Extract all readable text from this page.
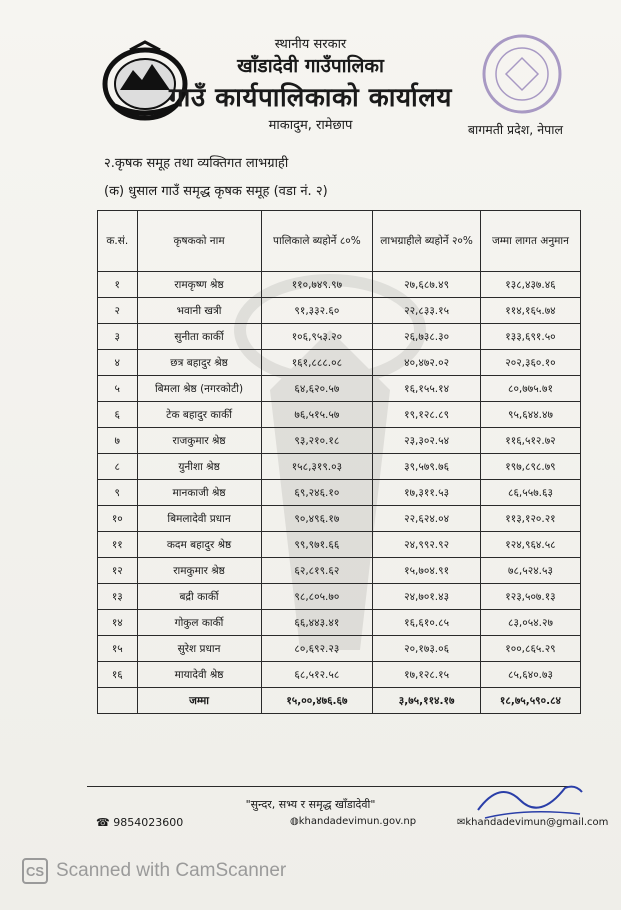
स्थानीय सरकार
खाँडादेवी गाउँपालिका
गाउँ कार्यपालिकाको कार्यालय
माकादुम, रामेछाप	बागमती प्रदेश, नेपाल
२.कृषक समूह तथा व्यक्तिगत लाभग्राही
(क) धुसाल गाउँ समृद्ध कृषक समूह (वडा नं. २)
क.सं.	कृषकको नाम	पालिकाले ब्यहोर्ने ८०%	लाभग्राहीले ब्यहोर्ने २०%	जम्मा लागत अनुमान
१	रामकृष्ण श्रेष्ठ	११०,७४९.९७	२७,६८७.४९	१३८,४३७.४६
२	भवानी खत्री	९१,३३२.६०	२२,८३३.१५	११४,१६५.७४
३	सुनीता कार्की	१०६,९५३.२०	२६,७३८.३०	१३३,६९१.५०
४	छत्र बहादुर श्रेष्ठ	१६१,८८८.०८	४०,४७२.०२	२०२,३६०.१०
५	बिमला श्रेष्ठ (नगरकोटी)	६४,६२०.५७	१६,१५५.१४	८०,७७५.७१
६	टेक बहादुर कार्की	७६,५१५.५७	१९,१२८.८९	९५,६४४.४७
७	राजकुमार श्रेष्ठ	९३,२१०.१८	२३,३०२.५४	११६,५१२.७२
८	युनीशा श्रेष्ठ	१५८,३१९.०३	३९,५७९.७६	१९७,८९८.७९
९	मानकाजी श्रेष्ठ	६९,२४६.१०	१७,३११.५३	८६,५५७.६३
१०	बिमलादेवी प्रधान	९०,४९६.१७	२२,६२४.०४	११३,१२०.२१
११	कदम बहादुर श्रेष्ठ	९९,९७१.६६	२४,९९२.९२	१२४,९६४.५८
१२	रामकुमार श्रेष्ठ	६२,८१९.६२	१५,७०४.९१	७८,५२४.५३
१३	बद्री कार्की	९८,८०५.७०	२४,७०१.४३	१२३,५०७.१३
१४	गोकुल कार्की	६६,४४३.४१	१६,६१०.८५	८३,०५४.२७
१५	सुरेश प्रधान	८०,६९२.२३	२०,१७३.०६	१००,८६५.२९
१६	मायादेवी श्रेष्ठ	६८,५१२.५८	१७,१२८.१५	८५,६४०.७३
	जम्मा	१५,००,४७६.६७	३,७५,११४.१७	१८,७५,५९०.८४
"सुन्दर, सभ्य र समृद्ध खाँडादेवी"
☎ 9854023600	◍khandadevimun.gov.np	✉khandadevimun@gmail.com
CS Scanned with CamScanner
